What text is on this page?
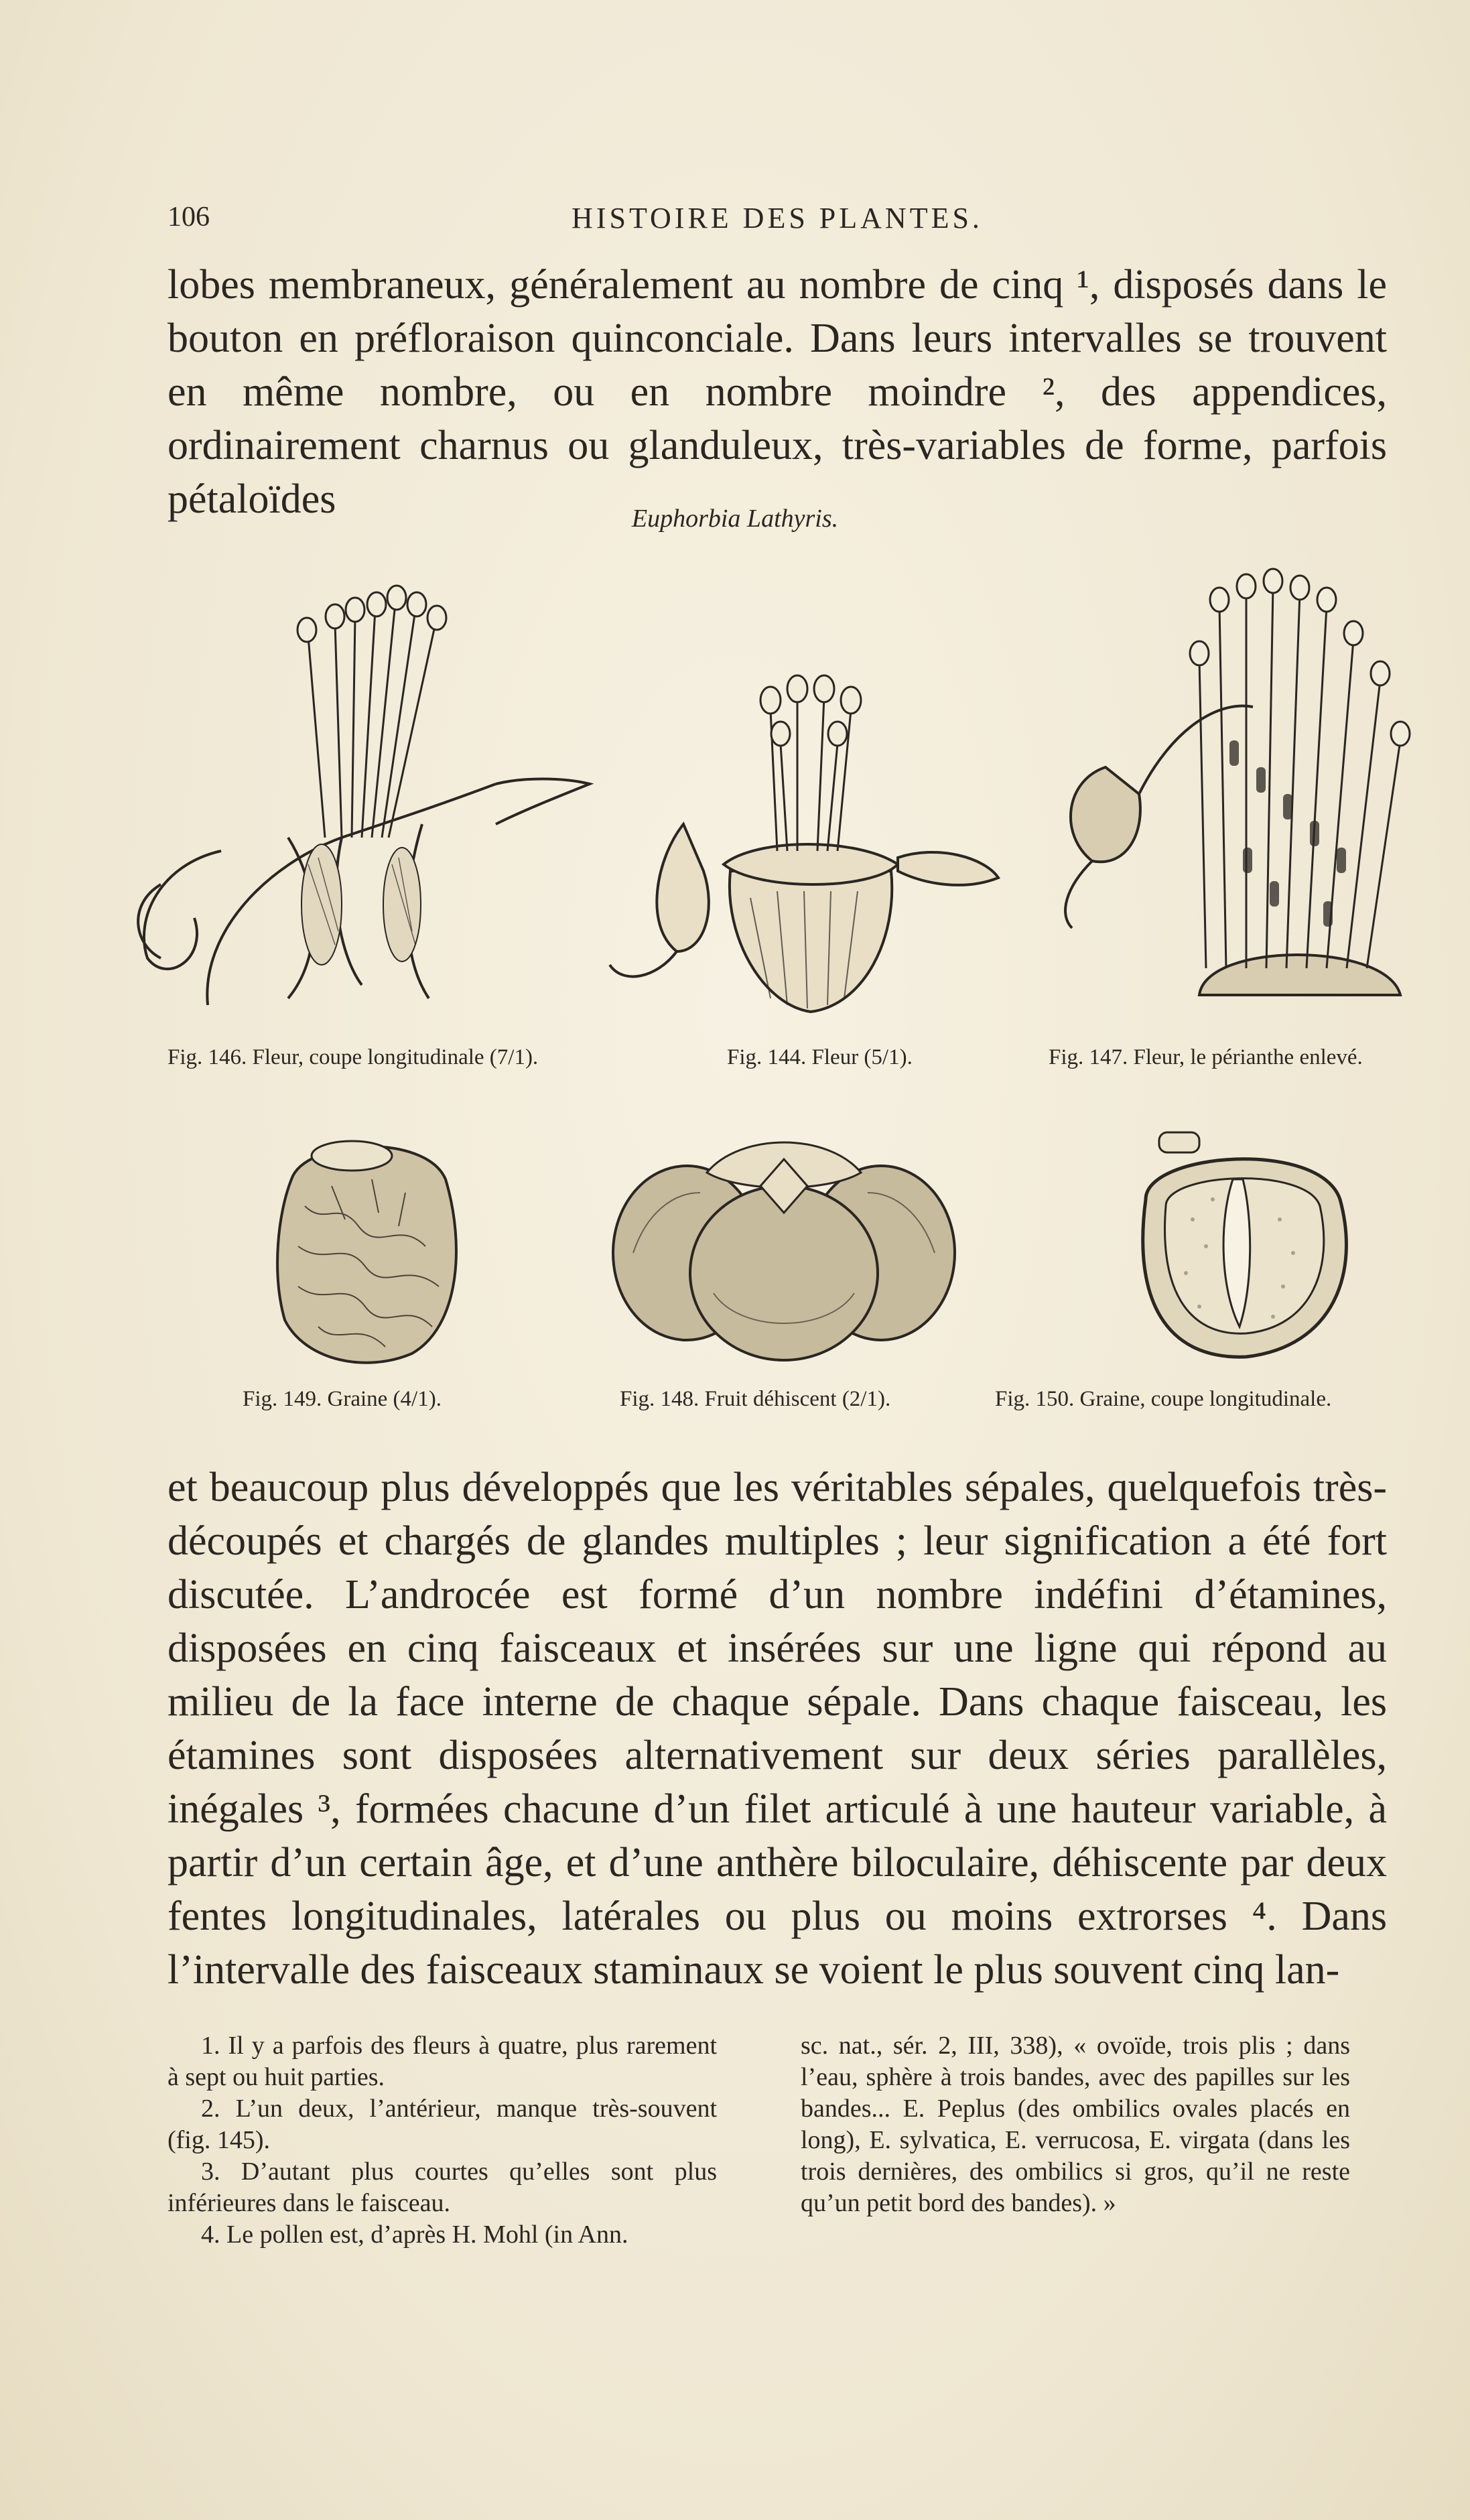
106	HISTOIRE DES PLANTES.
lobes membraneux, généralement au nombre de cinq ¹, disposés dans le bouton en préfloraison quinconciale. Dans leurs intervalles se trouvent en même nombre, ou en nombre moindre ², des appendices, ordinairement charnus ou glanduleux, très-variables de forme, parfois pétaloïdes	Euphorbia Lathyris.
Fig. 146. Fleur, coupe longitudinale (7/1).	Fig. 144. Fleur (5/1).	Fig. 147. Fleur, le périanthe enlevé.
Fig. 149. Graine (4/1).	Fig. 148. Fruit déhiscent (2/1).	Fig. 150. Graine, coupe longitudinale.
et beaucoup plus développés que les véritables sépales, quelquefois très-découpés et chargés de glandes multiples ; leur signification a été fort discutée. L’androcée est formé d’un nombre indéfini d’étamines, disposées en cinq faisceaux et insérées sur une ligne qui répond au milieu de la face interne de chaque sépale. Dans chaque faisceau, les étamines sont disposées alternativement sur deux séries parallèles, inégales ³, formées chacune d’un filet articulé à une hauteur variable, à partir d’un certain âge, et d’une anthère biloculaire, déhiscente par deux fentes longitudinales, latérales ou plus ou moins extrorses ⁴. Dans l’intervalle des faisceaux staminaux se voient le plus souvent cinq lan-

1. Il y a parfois des fleurs à quatre, plus rarement à sept ou huit parties.

2. L’un deux, l’antérieur, manque très-souvent (fig. 145).

3. D’autant plus courtes qu’elles sont plus inférieures dans le faisceau.

4. Le pollen est, d’après H. Mohl (in Ann.

sc. nat., sér. 2, III, 338), « ovoïde, trois plis ; dans l’eau, sphère à trois bandes, avec des papilles sur les bandes... E. Peplus (des ombilics ovales placés en long), E. sylvatica, E. verrucosa, E. virgata (dans les trois dernières, des ombilics si gros, qu’il ne reste qu’un petit bord des bandes). »
